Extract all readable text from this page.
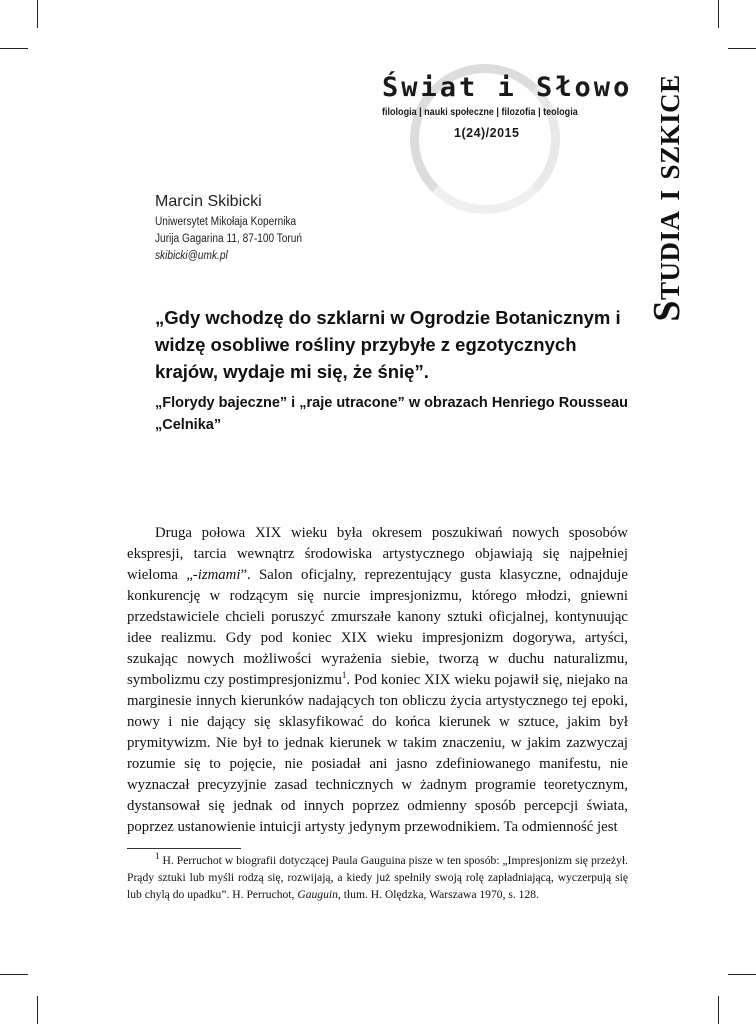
Świat i Słowo
filologia | nauki społeczne | filozofia | teologia
1(24)/2015	Studia i szkice
Marcin Skibicki
Uniwersytet Mikołaja Kopernika
Jurija Gagarina 11, 87-100 Toruń
skibicki@umk.pl
„Gdy wchodzę do szklarni w Ogrodzie Botanicznym i widzę osobliwe rośliny przybyłe z egzotycznych krajów, wydaje mi się, że śnię”.
„Florydy bajeczne” i „raje utracone” w obrazach Henriego Rousseau „Celnika”

Druga połowa XIX wieku była okresem poszukiwań nowych sposobów ekspresji, tarcia wewnątrz środowiska artystycznego objawiają się najpełniej wieloma „-izmami”. Salon oficjalny, reprezentujący gusta klasyczne, odnajduje konkurencję w rodzącym się nurcie impresjonizmu, którego młodzi, gniewni przedstawiciele chcieli poruszyć zmurszałe kanony sztuki oficjalnej, kontynuując idee realizmu. Gdy pod koniec XIX wieku impresjonizm dogorywa, artyści, szukając nowych możliwości wyrażenia siebie, tworzą w duchu naturalizmu, symbolizmu czy postimpresjonizmu$^1$. Pod koniec XIX wieku pojawił się, niejako na marginesie innych kierunków nadających ton obliczu życia artystycznego tej epoki, nowy i nie dający się sklasyfikować do końca kierunek w sztuce, jakim był prymitywizm. Nie był to jednak kierunek w takim znaczeniu, w jakim zazwyczaj rozumie się to pojęcie, nie posiadał ani jasno zdefiniowanego manifestu, nie wyznaczał precyzyjnie zasad technicznych w żadnym programie teoretycznym, dystansował się jednak od innych poprzez odmienny sposób percepcji świata, poprzez ustanowienie intuicji artysty jedynym przewodnikiem. Ta odmienność jest

$^1$ H. Perruchot w biografii dotyczącej Paula Gauguina pisze w ten sposób: „Impresjonizm się przeżył. Prądy sztuki lub myśli rodzą się, rozwijają, a kiedy już spełniły swoją rolę zapładniającą, wyczerpują się lub chylą do upadku”. H. Perruchot, Gauguin, tłum. H. Olędzka, Warszawa 1970, s. 128.
